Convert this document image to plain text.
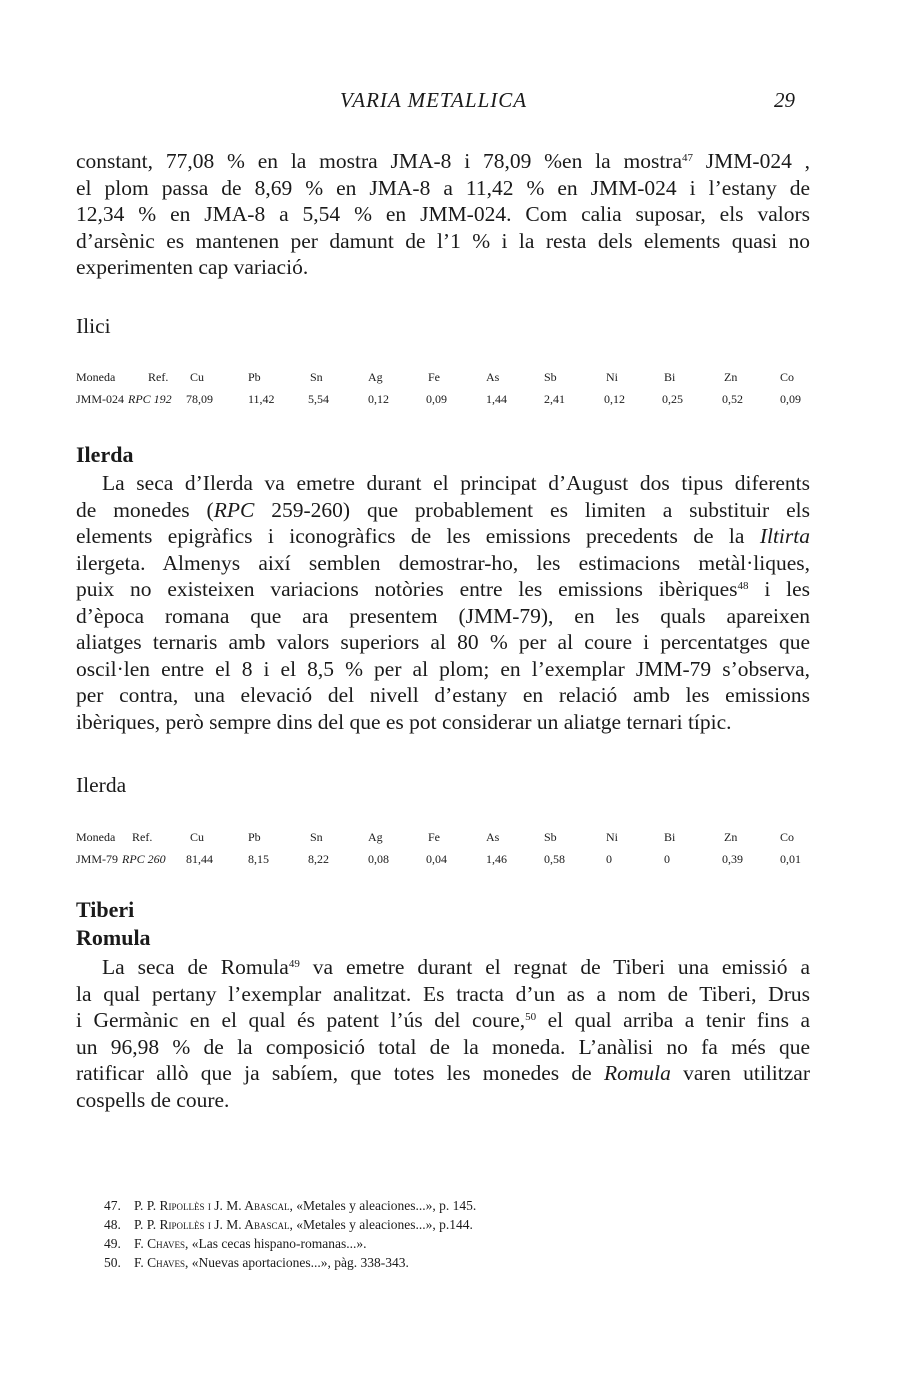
VARIA METALLICA	29
constant, 77,08 % en la mostra JMA-8 i 78,09 %en la mostra$^{47}$ JMM-024 ,
el plom passa de 8,69 % en JMA-8 a 11,42 % en JMM-024 i l’estany de
12,34 % en JMA-8 a 5,54 % en JMM-024. Com calia suposar, els valors
d’arsènic es mantenen per damunt de l’1 % i la resta dels elements quasi no
experimenten cap variació.
Ilici
Moneda	Ref. Cu	Pb	Sn	Ag	Fe	As	Sb	Ni	Bi	Zn	Co
JMM-024 RPC 192 78,09	11,42	5,54	0,12	0,09	1,44	2,41	0,12	0,25	0,52	0,09
Ilerda
La seca d’Ilerda va emetre durant el principat d’August dos tipus diferents
de monedes (RPC 259-260) que probablement es limiten a substituir els
elements epigràfics i iconogràfics de les emissions precedents de la Iltirta
ilergeta. Almenys així semblen demostrar-ho, les estimacions metàl·liques,
puix no existeixen variacions notòries entre les emissions ibèriques$^{48}$ i les
d’època romana que ara presentem (JMM-79), en les quals apareixen
aliatges ternaris amb valors superiors al 80 % per al coure i percentatges que
oscil·len entre el 8 i el 8,5 % per al plom; en l’exemplar JMM-79 s’observa,
per contra, una elevació del nivell d’estany en relació amb les emissions
ibèriques, però sempre dins del que es pot considerar un aliatge ternari típic.
Ilerda
Moneda Ref.	Cu	Pb	Sn	Ag	Fe	As	Sb	Ni	Bi	Zn	Co
JMM-79 RPC 260 81,44	8,15	8,22	0,08	0,04	1,46	0,58	0	0	0,39	0,01
Tiberi
Romula
La seca de Romula$^{49}$ va emetre durant el regnat de Tiberi una emissió a
la qual pertany l’exemplar analitzat. Es tracta d’un as a nom de Tiberi, Drus
i Germànic en el qual és patent l’ús del coure,$^{50}$ el qual arriba a tenir fins a
un 96,98 % de la composició total de la moneda. L’anàlisi no fa més que
ratificar allò que ja sabíem, que totes les monedes de Romula varen utilitzar
cospells de coure.
47. P. P. Ripollès i J. M. Abascal, «Metales y aleaciones...», p. 145.
48. P. P. Ripollès i J. M. Abascal, «Metales y aleaciones...», p.144.
49. F. Chaves, «Las cecas hispano-romanas...».
50. F. Chaves, «Nuevas aportaciones...», pàg. 338-343.
